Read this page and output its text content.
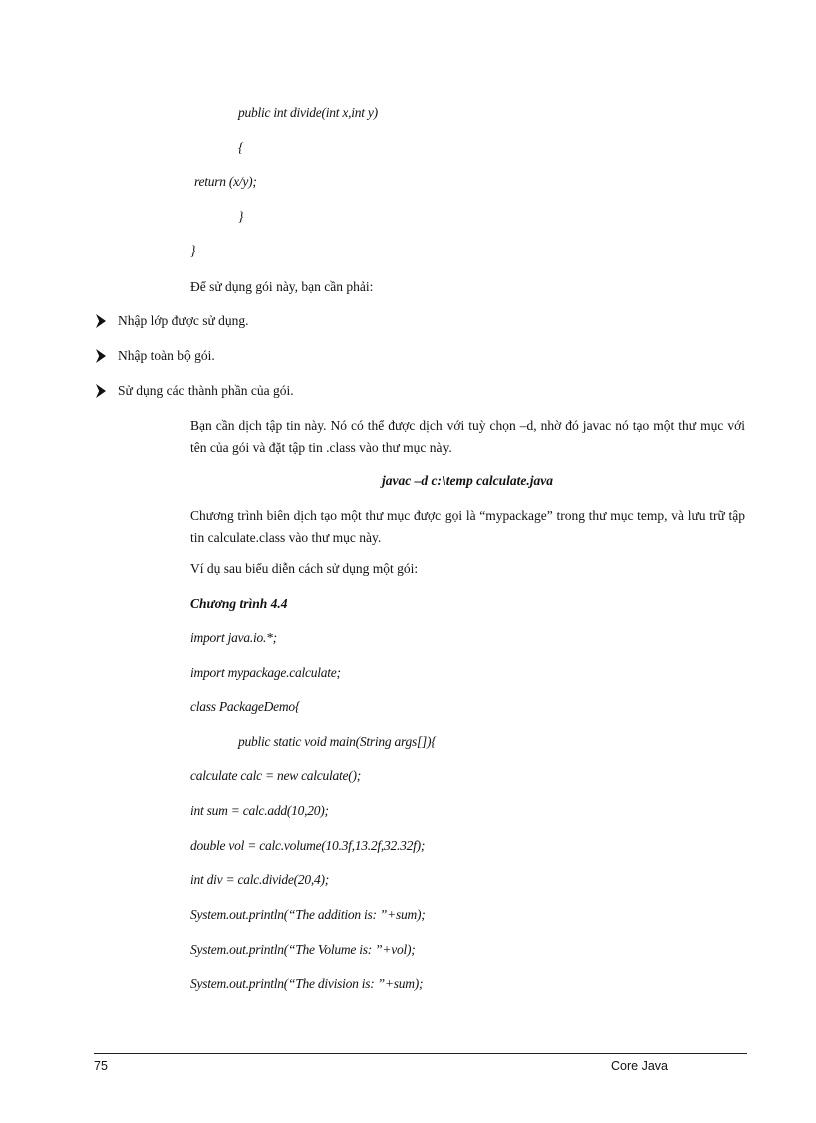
public int divide(int x,int y)
{
return (x/y);
}
}
Để sử dụng gói này, bạn cần phải:
Nhập lớp được sử dụng.
Nhập toàn bộ gói.
Sử dụng các thành phần của gói.
Bạn cần dịch tập tin này. Nó có thể được dịch với tuỳ chọn –d, nhờ đó javac nó tạo một thư mục với tên của gói và đặt tập tin .class vào thư mục này.
javac –d c:\temp calculate.java
Chương trình biên dịch tạo một thư mục được gọi là “mypackage” trong thư mục temp, và lưu trữ tập tin calculate.class vào thư mục này.
Ví dụ sau biểu diễn cách sử dụng một gói:
Chương trình 4.4
import java.io.*;
import mypackage.calculate;
class PackageDemo{
public static void main(String args[]){
calculate calc = new calculate();
int sum = calc.add(10,20);
double vol = calc.volume(10.3f,13.2f,32.32f);
int div = calc.divide(20,4);
System.out.println(“The addition is: ”+sum);
System.out.println(“The Volume is: ”+vol);
System.out.println(“The division is: ”+sum);
75	Core Java
